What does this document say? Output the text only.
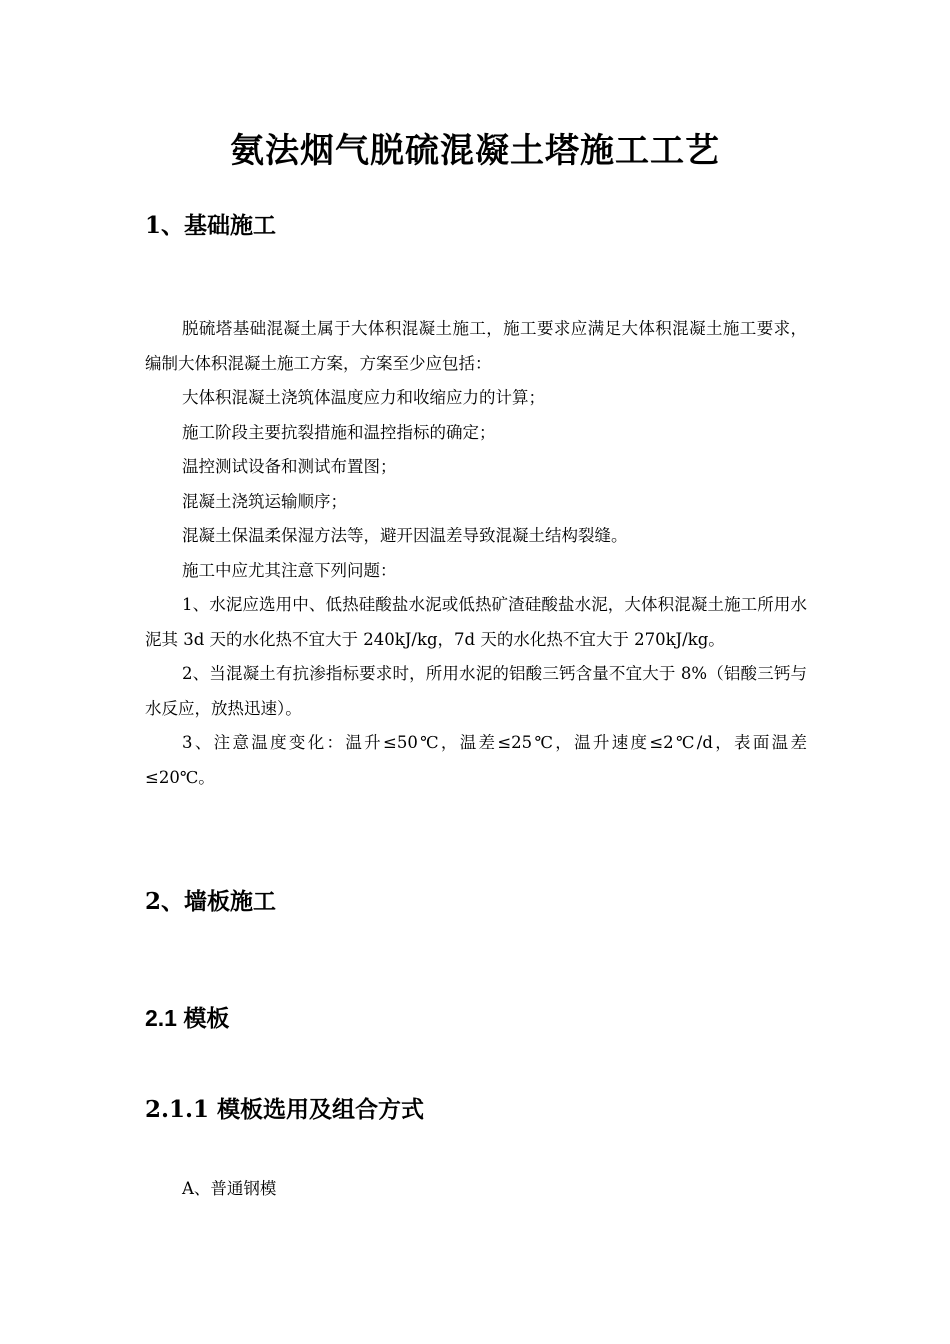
氨法烟气脱硫混凝土塔施工工艺
1、基础施工

脱硫塔基础混凝土属于大体积混凝土施工，施工要求应满足大体积混凝土施工要求，编制大体积混凝土施工方案，方案至少应包括：

大体积混凝土浇筑体温度应力和收缩应力的计算；

施工阶段主要抗裂措施和温控指标的确定；

温控测试设备和测试布置图；

混凝土浇筑运输顺序；

混凝土保温柔保湿方法等，避开因温差导致混凝土结构裂缝。

施工中应尤其注意下列问题：

1、水泥应选用中、低热硅酸盐水泥或低热矿渣硅酸盐水泥，大体积混凝土施工所用水泥其 3d 天的水化热不宜大于 240kJ/kg，7d 天的水化热不宜大于 270kJ/kg。

2、当混凝土有抗渗指标要求时，所用水泥的铝酸三钙含量不宜大于 8%（铝酸三钙与水反应，放热迅速）。

3、注意温度变化：温升≤50℃，温差≤25℃，温升速度≤2℃/d，表面温差≤20℃。

2、墙板施工
2.1 模板
2.1.1 模板选用及组合方式
A、普通钢模
